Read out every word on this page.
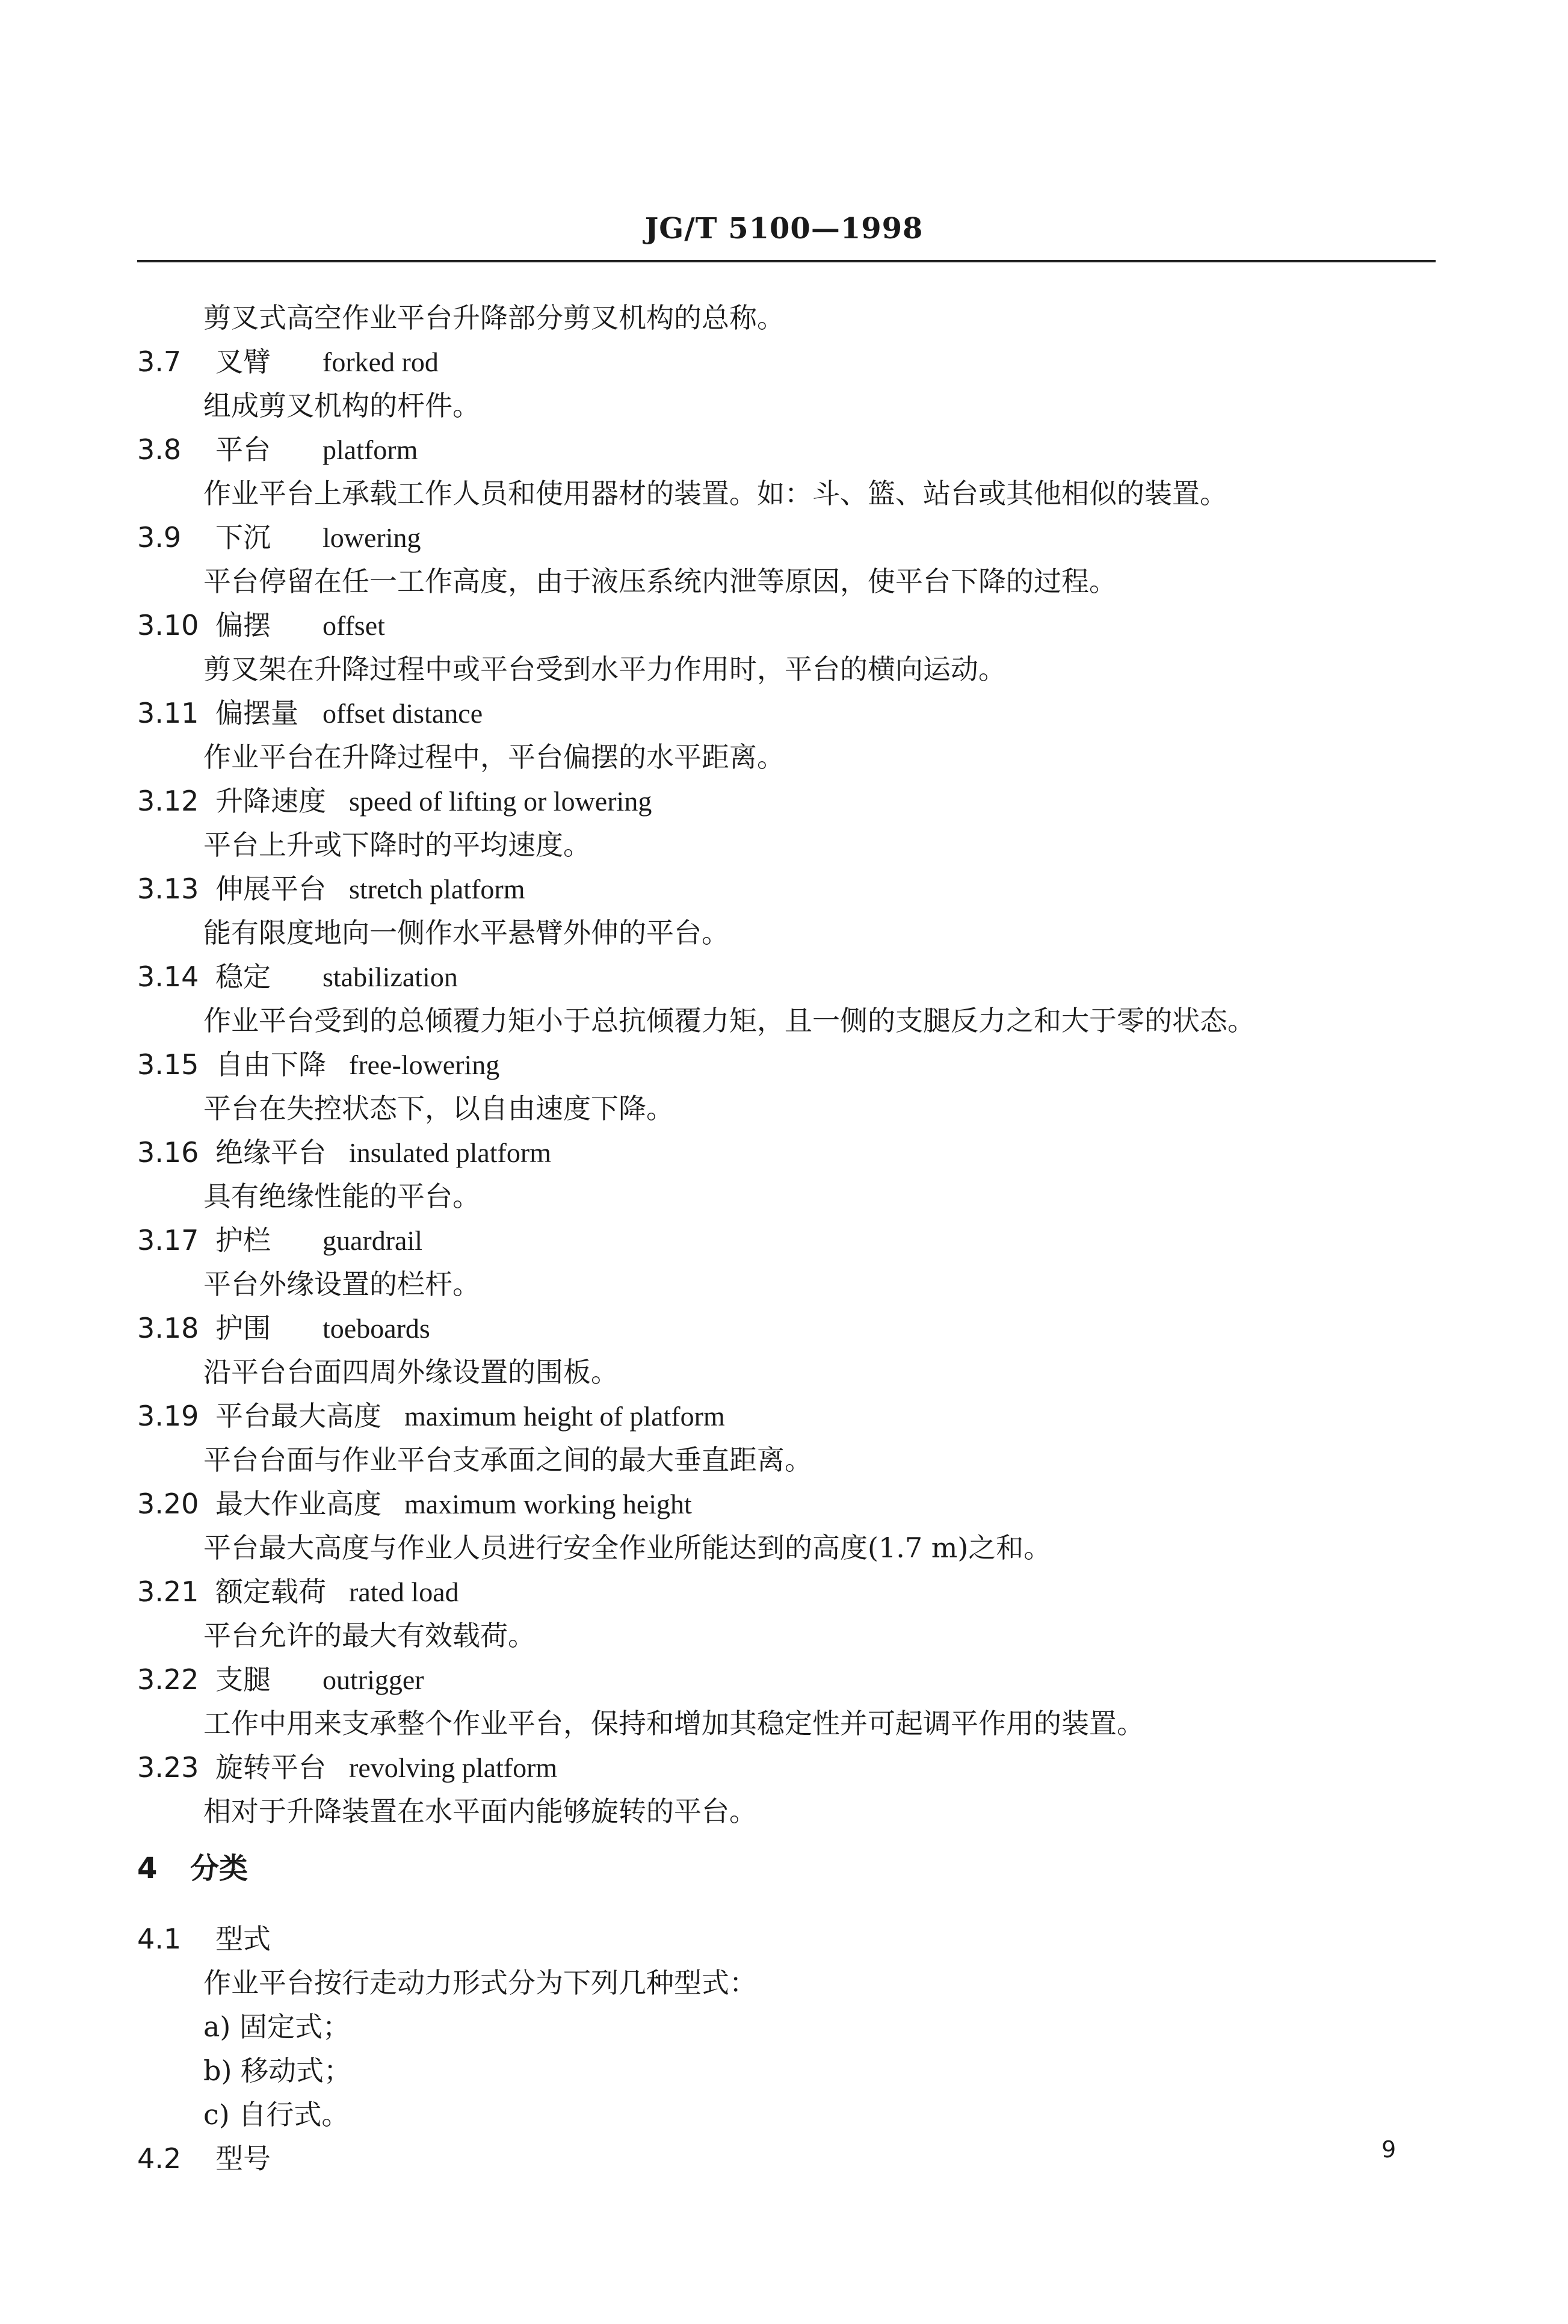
JG/T 5100—1998
剪叉式高空作业平台升降部分剪叉机构的总称。
3.7 叉臂 forked rod
组成剪叉机构的杆件。
3.8 平台 platform
作业平台上承载工作人员和使用器材的装置。如：斗、篮、站台或其他相似的装置。
3.9 下沉 lowering
平台停留在任一工作高度，由于液压系统内泄等原因，使平台下降的过程。
3.10 偏摆 offset
剪叉架在升降过程中或平台受到水平力作用时，平台的横向运动。
3.11 偏摆量 offset distance
作业平台在升降过程中，平台偏摆的水平距离。
3.12 升降速度 speed of lifting or lowering
平台上升或下降时的平均速度。
3.13 伸展平台 stretch platform
能有限度地向一侧作水平悬臂外伸的平台。
3.14 稳定 stabilization
作业平台受到的总倾覆力矩小于总抗倾覆力矩，且一侧的支腿反力之和大于零的状态。
3.15 自由下降 free-lowering
平台在失控状态下，以自由速度下降。
3.16 绝缘平台 insulated platform
具有绝缘性能的平台。
3.17 护栏 guardrail
平台外缘设置的栏杆。
3.18 护围 toeboards
沿平台台面四周外缘设置的围板。
3.19 平台最大高度 maximum height of platform
平台台面与作业平台支承面之间的最大垂直距离。
3.20 最大作业高度 maximum working height
平台最大高度与作业人员进行安全作业所能达到的高度(1.7 m)之和。
3.21 额定载荷 rated load
平台允许的最大有效载荷。
3.22 支腿 outrigger
工作中用来支承整个作业平台，保持和增加其稳定性并可起调平作用的装置。
3.23 旋转平台 revolving platform
相对于升降装置在水平面内能够旋转的平台。
4 分类
4.1 型式
作业平台按行走动力形式分为下列几种型式：
a) 固定式；
b) 移动式；
c) 自行式。
4.2 型号	9
